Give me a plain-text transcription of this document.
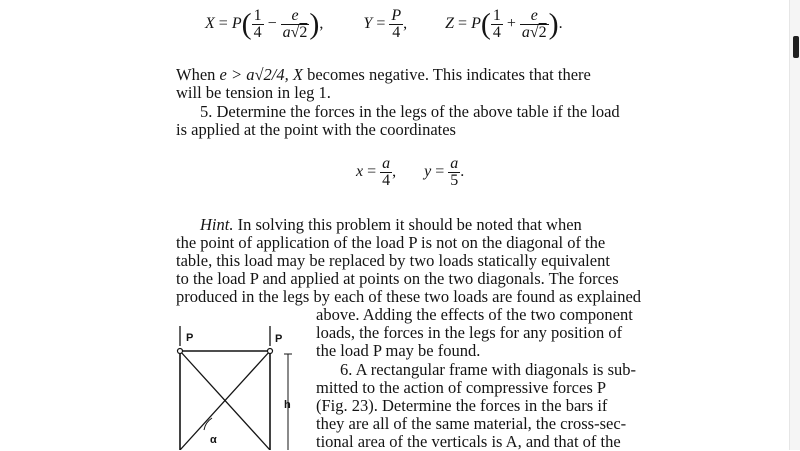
$X = P( \frac{1}{4} - \frac{e}{a√2}$ ),	$Y = \frac{P}{4}$ , $Z = P( \frac{1}{4} + \frac{e}{a√2}$ ).
When e > a√2/4, X becomes negative. This indicates that there
will be tension in leg 1.
5. Determine the forces in the legs of the above table if the load
is applied at the point with the coordinates
$x = \frac{a}{4}$ , $y = \frac{a}{5}$ .
Hint. In solving this problem it should be noted that when
the point of application of the load P is not on the diagonal of the
table, this load may be replaced by two loads statically equivalent
to the load P and applied at points on the two diagonals. The forces
produced in the legs by each of these two loads are found as explained
above. Adding the effects of the two component
loads, the forces in the legs for any position of
the load P may be found.
6. A rectangular frame with diagonals is sub-
mitted to the action of compressive forces P
(Fig. 23). Determine the forces in the bars if
they are all of the same material, the cross-sec-
tional area of the verticals is A, and that of the
P	P
h
α
